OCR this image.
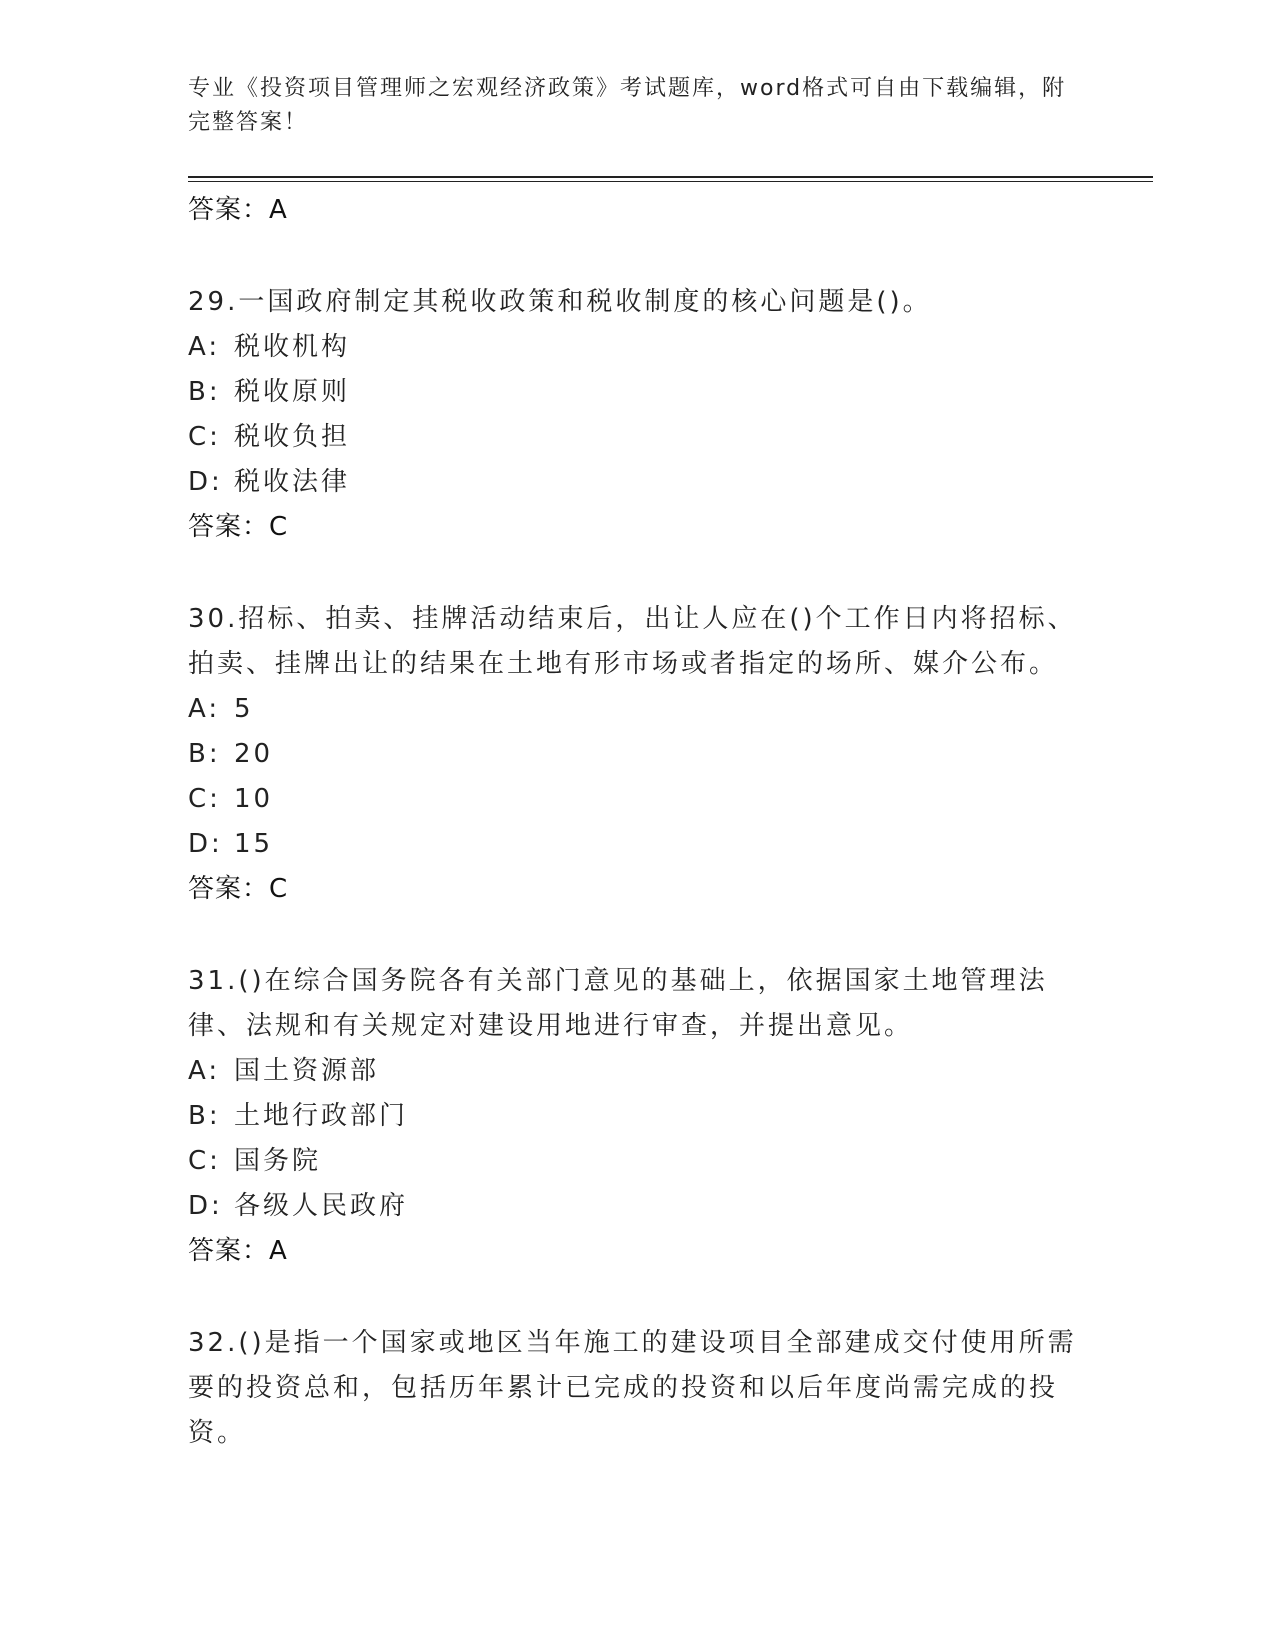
专业《投资项目管理师之宏观经济政策》考试题库，word格式可自由下载编辑，附完整答案！
答案：A
29.一国政府制定其税收政策和税收制度的核心问题是()。
A: 税收机构
B: 税收原则
C: 税收负担
D: 税收法律
答案：C
30.招标、拍卖、挂牌活动结束后，出让人应在()个工作日内将招标、拍卖、挂牌出让的结果在土地有形市场或者指定的场所、媒介公布。
A: 5
B: 20
C: 10
D: 15
答案：C
31.()在综合国务院各有关部门意见的基础上，依据国家土地管理法律、法规和有关规定对建设用地进行审查，并提出意见。
A: 国土资源部
B: 土地行政部门
C: 国务院
D: 各级人民政府
答案：A
32.()是指一个国家或地区当年施工的建设项目全部建成交付使用所需要的投资总和，包括历年累计已完成的投资和以后年度尚需完成的投资。
